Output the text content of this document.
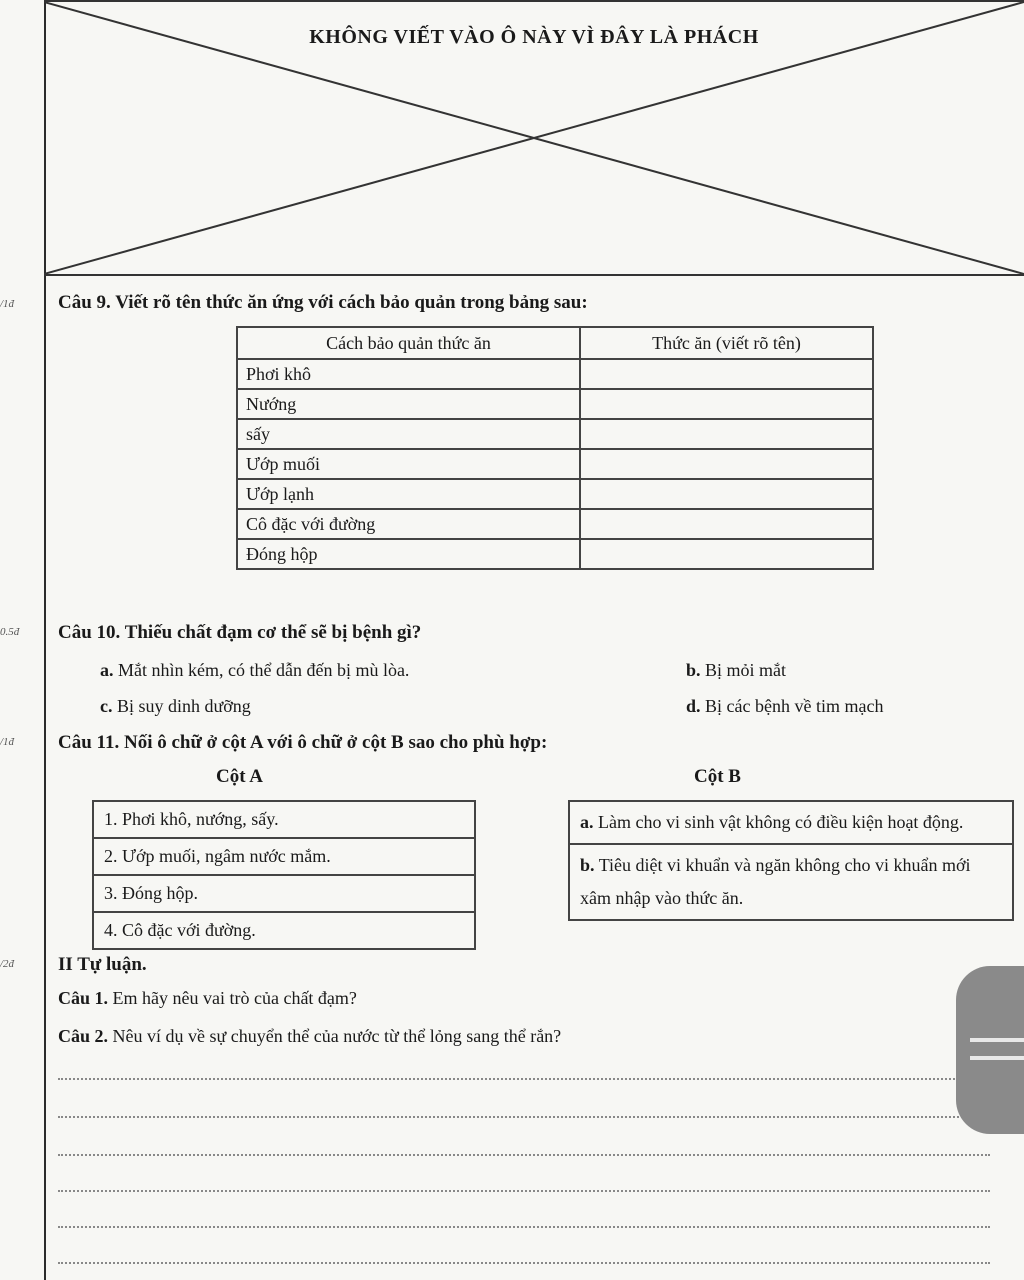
KHÔNG VIẾT VÀO Ô NÀY VÌ ĐÂY LÀ PHÁCH
/1đ
0.5đ
/1đ
/2đ
Câu 9. Viết rõ tên thức ăn ứng với cách bảo quản trong bảng sau:
Cách bảo quản thức ăn	Thức ăn (viết rõ tên)
Phơi khô	
Nướng	
sấy	
Ướp muối	
Ướp lạnh	
Cô đặc với đường	
Đóng hộp	
Câu 10. Thiếu chất đạm cơ thể sẽ bị bệnh gì?
a. Mắt nhìn kém, có thể dẫn đến bị mù lòa.	b. Bị mỏi mắt
c. Bị suy dinh dưỡng	d. Bị các bệnh về tim mạch
Câu 11. Nối ô chữ ở cột A với ô chữ ở cột B sao cho phù hợp:
Cột A	Cột B
1. Phơi khô, nướng, sấy.
2. Ướp muối, ngâm nước mắm.
3. Đóng hộp.
4. Cô đặc với đường.
a. Làm cho vi sinh vật không có điều kiện hoạt động.
b. Tiêu diệt vi khuẩn và ngăn không cho vi khuẩn mới xâm nhập vào thức ăn.
II Tự luận.
Câu 1. Em hãy nêu vai trò của chất đạm?
Câu 2. Nêu ví dụ về sự chuyển thể của nước từ thể lỏng sang thể rắn?
